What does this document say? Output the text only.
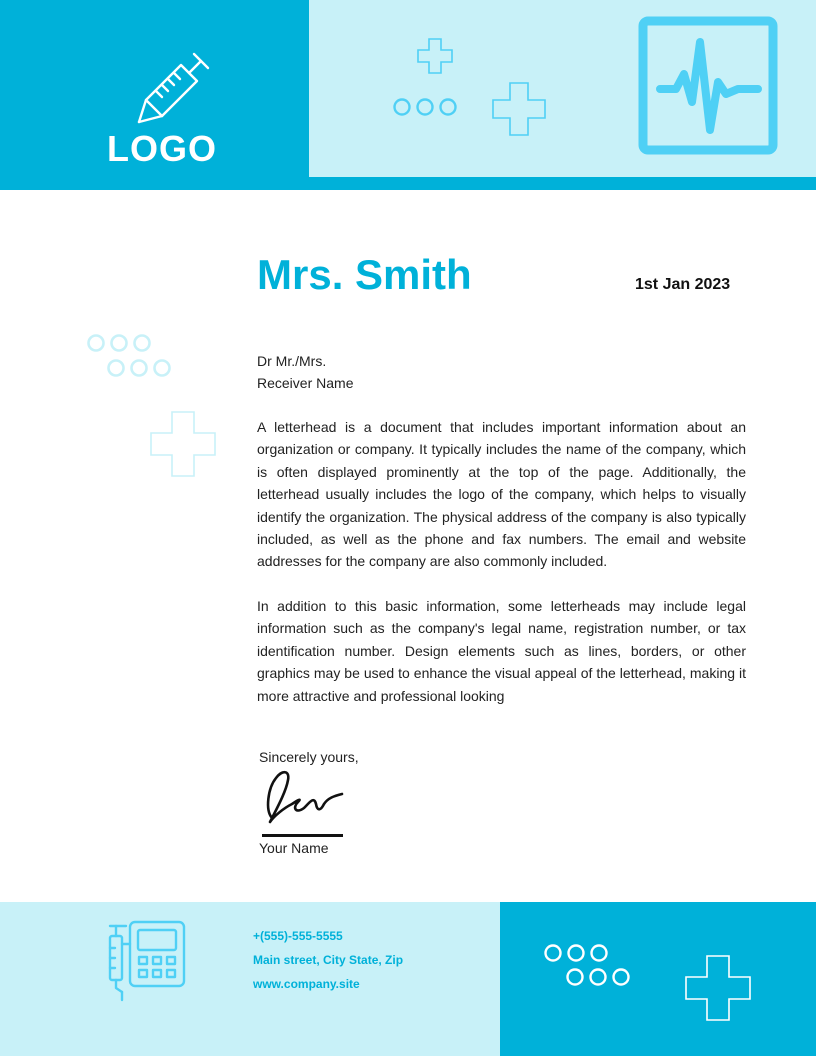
LOGO
Mrs. Smith	1st Jan 2023
Dr Mr./Mrs.
Receiver Name

A letterhead is a document that includes important information about an organization or company. It typically includes the name of the company, which is often displayed prominently at the top of the page. Additionally, the letterhead usually includes the logo of the company, which helps to visually identify the organization. The physical address of the company is also typically included, as well as the phone and fax numbers. The email and website addresses for the company are also commonly included.

In addition to this basic information, some letterheads may include legal information such as the company's legal name, registration number, or tax identification number. Design elements such as lines, borders, or other graphics may be used to enhance the visual appeal of the letterhead, making it more attractive and professional looking

Sincerely yours,
Your Name
+(555)-555-5555
Main street, City State, Zip
www.company.site
